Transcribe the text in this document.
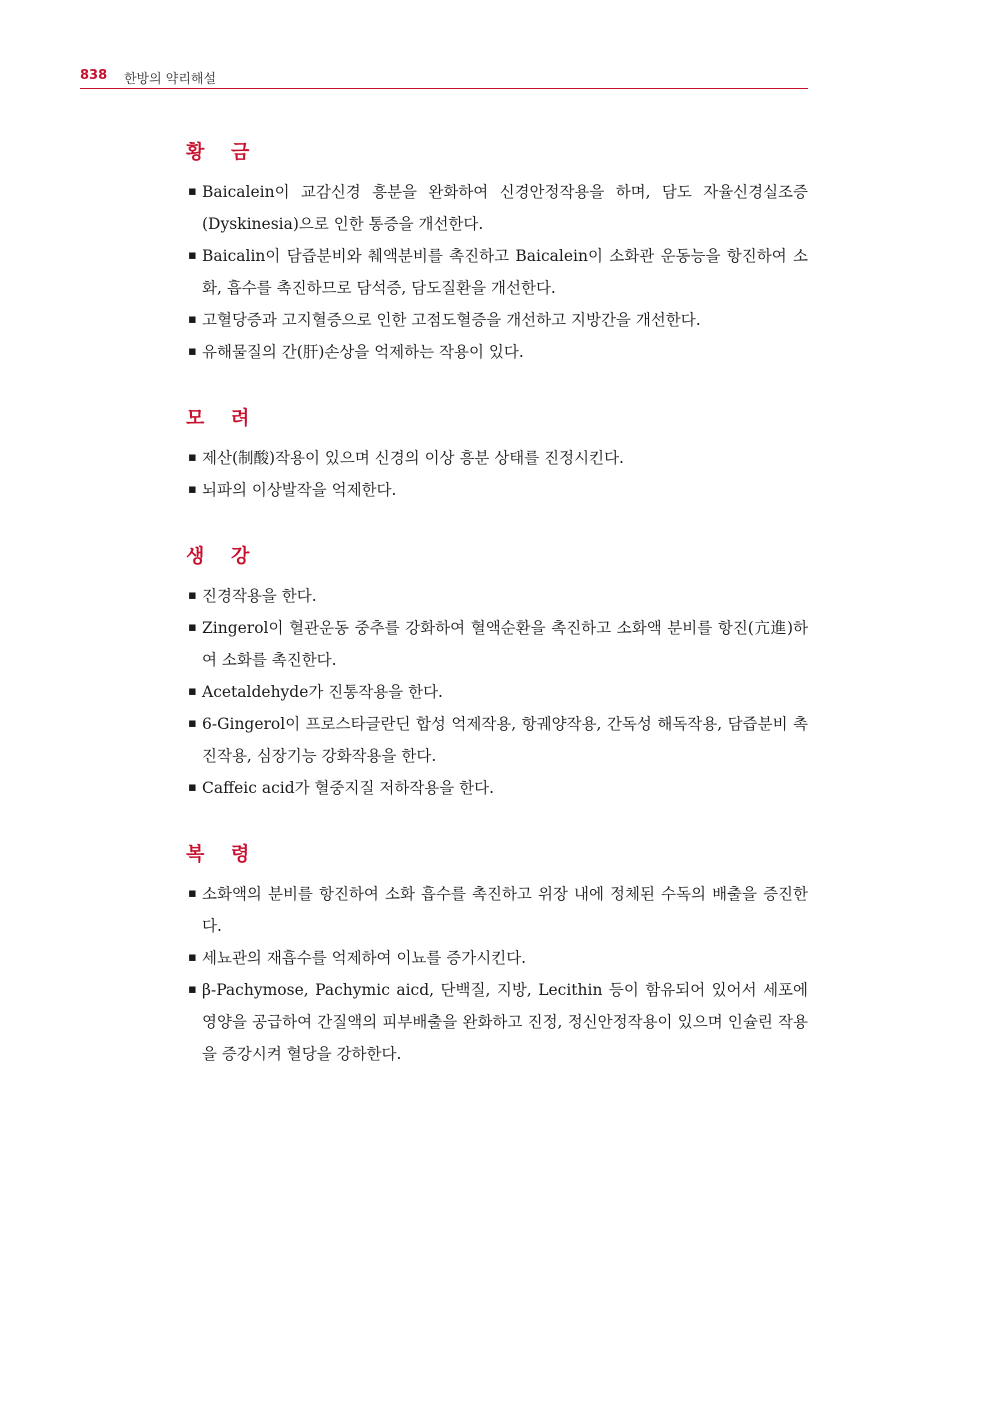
838 한방의 약리해설
황 금
▪ Baicalein이 교감신경 흥분을 완화하여 신경안정작용을 하며, 담도 자율신경실조증(Dyskinesia)으로 인한 통증을 개선한다.
▪ Baicalin이 담즙분비와 췌액분비를 촉진하고 Baicalein이 소화관 운동능을 항진하여 소화, 흡수를 촉진하므로 담석증, 담도질환을 개선한다.
▪ 고혈당증과 고지혈증으로 인한 고점도혈증을 개선하고 지방간을 개선한다.
▪ 유해물질의 간(肝)손상을 억제하는 작용이 있다.
모 려
▪ 제산(制酸)작용이 있으며 신경의 이상 흥분 상태를 진정시킨다.
▪ 뇌파의 이상발작을 억제한다.
생 강
▪ 진경작용을 한다.
▪ Zingerol이 혈관운동 중추를 강화하여 혈액순환을 촉진하고 소화액 분비를 항진(亢進)하여 소화를 촉진한다.
▪ Acetaldehyde가 진통작용을 한다.
▪ 6-Gingerol이 프로스타글란딘 합성 억제작용, 항궤양작용, 간독성 해독작용, 담즙분비 촉진작용, 심장기능 강화작용을 한다.
▪ Caffeic acid가 혈중지질 저하작용을 한다.
복 령
▪ 소화액의 분비를 항진하여 소화 흡수를 촉진하고 위장 내에 정체된 수독의 배출을 증진한다.
▪ 세뇨관의 재흡수를 억제하여 이뇨를 증가시킨다.
▪ β-Pachymose, Pachymic aicd, 단백질, 지방, Lecithin 등이 함유되어 있어서 세포에 영양을 공급하여 간질액의 피부배출을 완화하고 진정, 정신안정작용이 있으며 인슐린 작용을 증강시켜 혈당을 강하한다.
